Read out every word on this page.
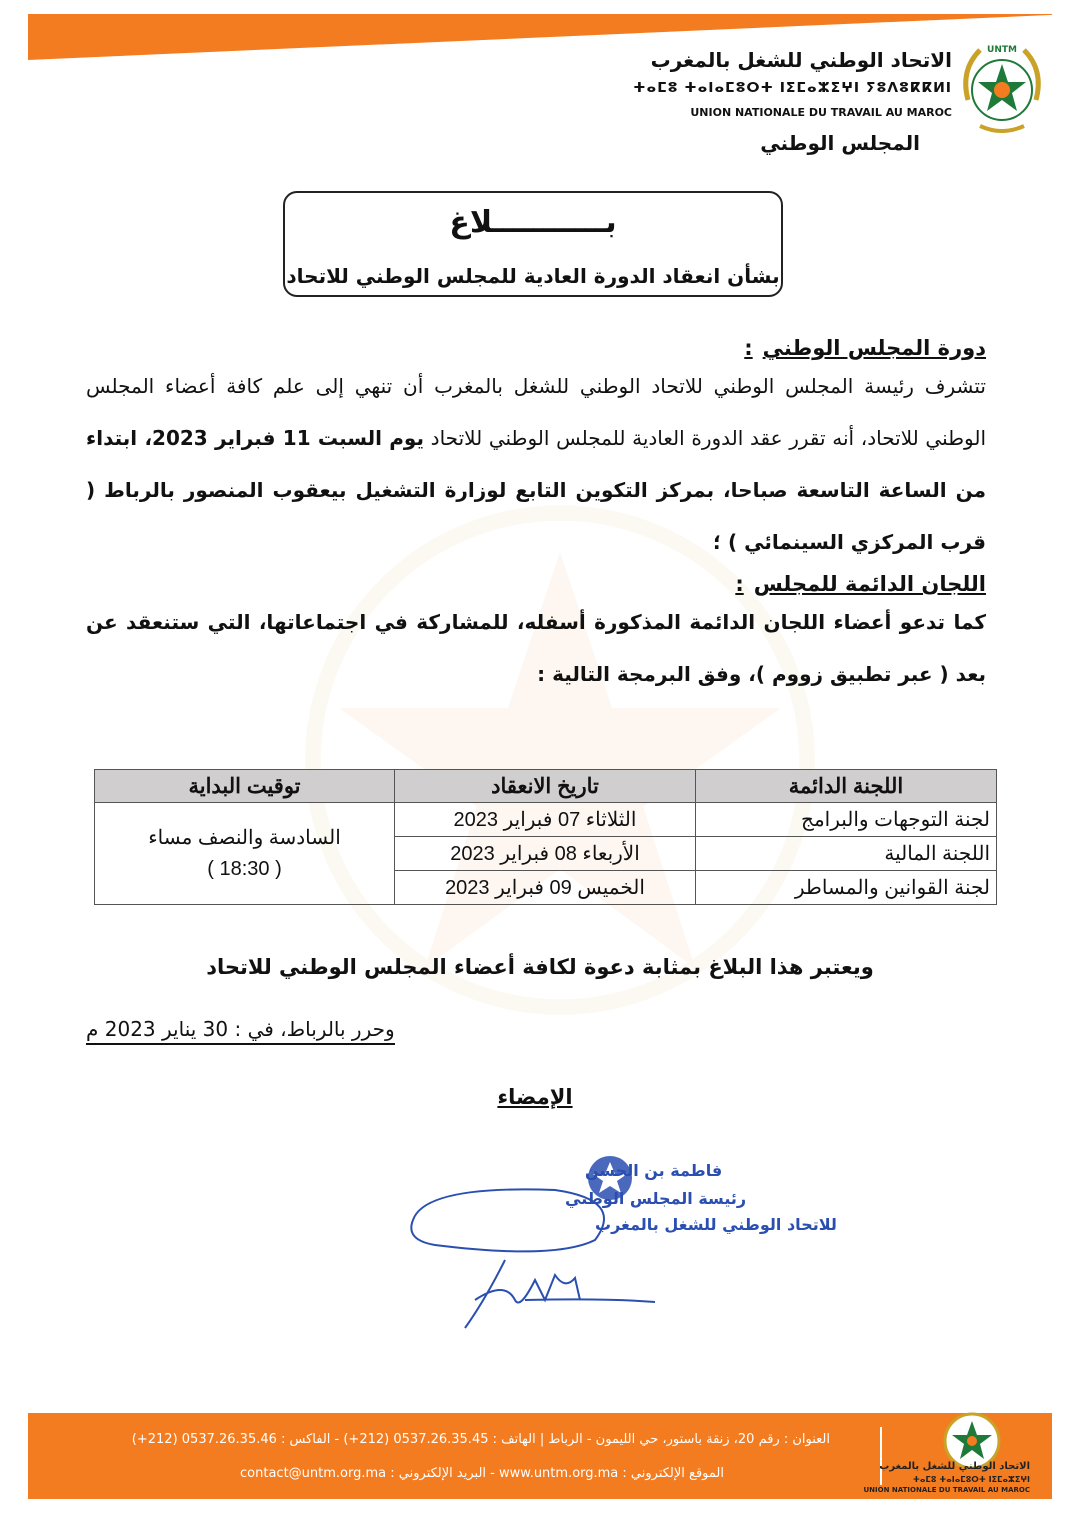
الاتحاد الوطني للشغل بالمغرب
ⵜⴰⵎⵓ ⵜⴰⵏⴰⵎⵓⵔⵜ ⵏⵉⵎⴰⵣⵉⵖⵏ ⵢⵓⴷⵓⴽⴽⵍⵏ
UNION NATIONALE DU TRAVAIL AU MAROC
المجلس الوطني
UNTM
بـــــــــــلاغ
بشأن انعقاد الدورة العادية للمجلس الوطني للاتحاد

دورة المجلس الوطني:

تتشرف رئيسة المجلس الوطني للاتحاد الوطني للشغل بالمغرب أن تنهي إلى علم كافة أعضاء المجلس الوطني للاتحاد، أنه تقرر عقد الدورة العادية للمجلس الوطني للاتحاد يوم السبت 11 فبراير 2023، ابتداء من الساعة التاسعة صباحا، بمركز التكوين التابع لوزارة التشغيل بيعقوب المنصور بالرباط ( قرب المركزي السينمائي ) ؛

اللجان الدائمة للمجلس:

كما تدعو أعضاء اللجان الدائمة المذكورة أسفله، للمشاركة في اجتماعاتها، التي ستنعقد عن بعد ( عبر تطبيق زووم )، وفق البرمجة التالية :

اللجنة الدائمة	تاريخ الانعقاد	توقيت البداية
لجنة التوجهات والبرامج	الثلاثاء 07 فبراير 2023	السادسة والنصف مساء
( 18:30 )

اللجنة المالية	الأربعاء 08 فبراير 2023	
لجنة القوانين والمساطر	الخميس 09 فبراير 2023	
ويعتبر هذا البلاغ بمثابة دعوة لكافة أعضاء المجلس الوطني للاتحاد
وحرر بالرباط، في : 30 يناير 2023 م
الإمضاء
فاطمة بن الحسن
رئيسة المجلس الوطني
للاتحاد الوطني للشغل بالمغرب
العنوان : رقم 20، زنقة باستور، حي الليمون - الرباط | الهاتف : 0537.26.35.45 (212+) - الفاكس : 0537.26.35.46 (212+)
الموقع الإلكتروني : www.untm.org.ma - البريد الإلكتروني : contact@untm.org.ma	الاتحاد الوطني للشغل بالمغرب
ⵜⴰⵎⵓ ⵜⴰⵏⴰⵎⵓⵔⵜ ⵏⵉⵎⴰⵣⵉⵖⵏ
UNION NATIONALE DU TRAVAIL AU MAROC
